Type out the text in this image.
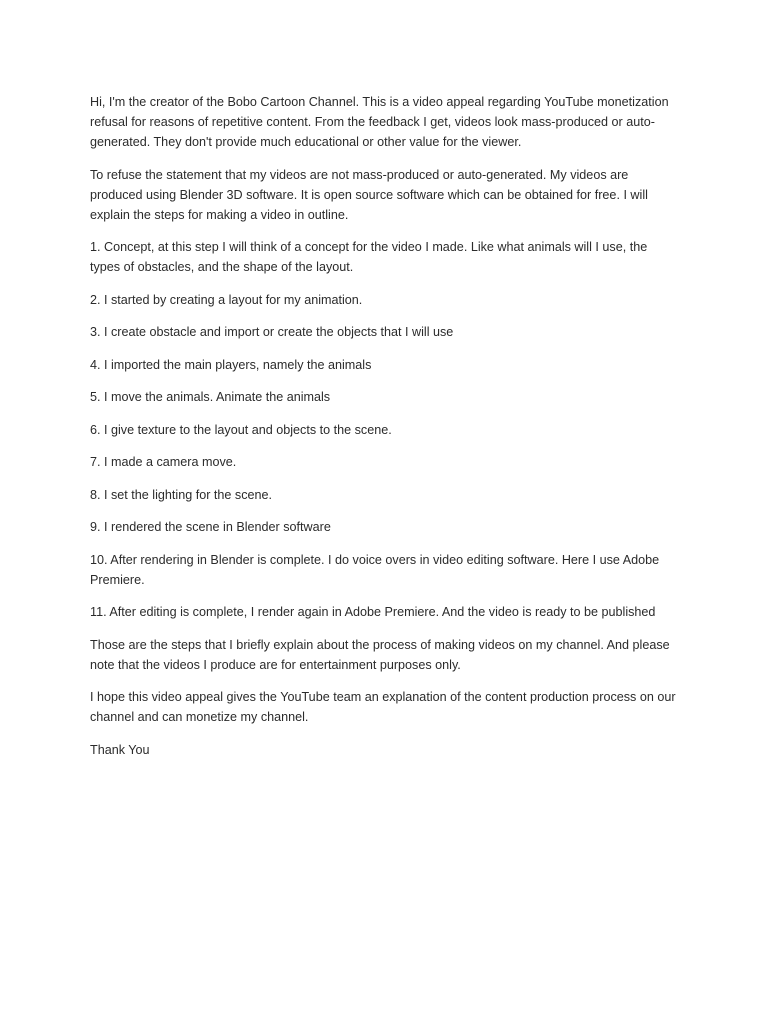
Hi, I'm the creator of the Bobo Cartoon Channel. This is a video appeal regarding YouTube monetization refusal for reasons of repetitive content. From the feedback I get, videos look mass-produced or auto-generated. They don't provide much educational or other value for the viewer.

To refuse the statement that my videos are not mass-produced or auto-generated. My videos are produced using Blender 3D software. It is open source software which can be obtained for free. I will explain the steps for making a video in outline.

1. Concept, at this step I will think of a concept for the video I made. Like what animals will I use, the types of obstacles, and the shape of the layout.

2. I started by creating a layout for my animation.

3. I create obstacle and import or create the objects that I will use

4. I imported the main players, namely the animals

5. I move the animals. Animate the animals

6. I give texture to the layout and objects to the scene.

7. I made a camera move.

8. I set the lighting for the scene.

9. I rendered the scene in Blender software

10. After rendering in Blender is complete. I do voice overs in video editing software. Here I use Adobe Premiere.

11. After editing is complete, I render again in Adobe Premiere. And the video is ready to be published

Those are the steps that I briefly explain about the process of making videos on my channel. And please note that the videos I produce are for entertainment purposes only.

I hope this video appeal gives the YouTube team an explanation of the content production process on our channel and can monetize my channel.

Thank You
